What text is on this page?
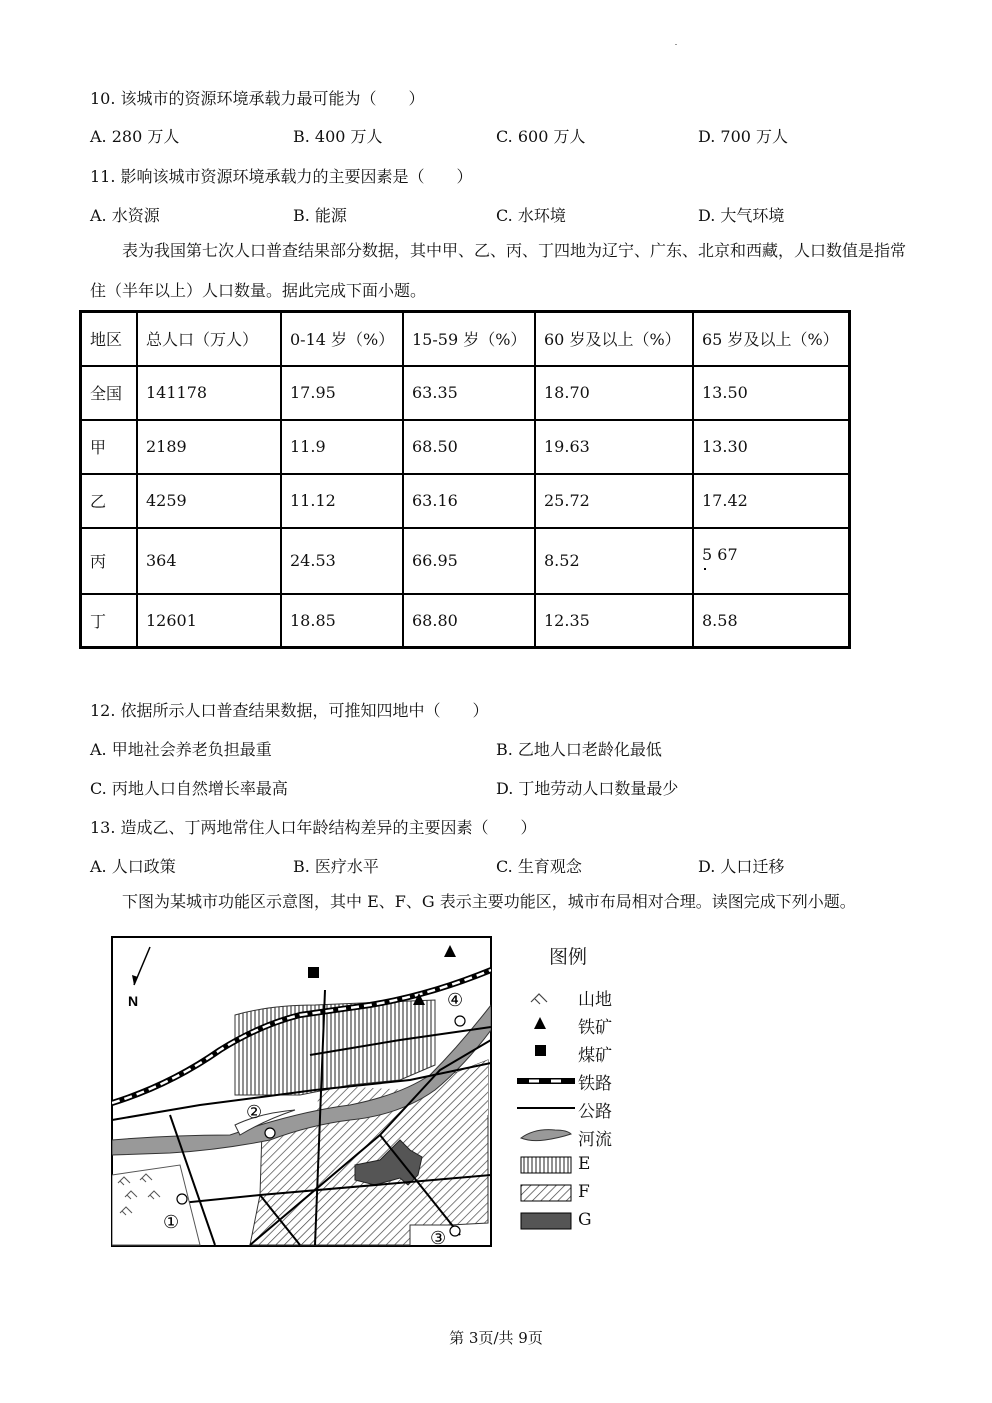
10. 该城市的资源环境承载力最可能为（　　）
A. 280 万人	B. 400 万人	C. 600 万人	D. 700 万人
11. 影响该城市资源环境承载力的主要因素是（　　）
A. 水资源	B. 能源	C. 水环境	D. 大气环境
表为我国第七次人口普查结果部分数据，其中甲、乙、丙、丁四地为辽宁、广东、北京和西藏，人口数值是指常住（半年以上）人口数量。据此完成下面小题。
地区	总人口（万人）	0-14 岁（%）	15-59 岁（%）	60 岁及以上（%）	65 岁及以上（%）
全国	141178	17.95	63.35	18.70	13.50
甲	2189	11.9	68.50	19.63	13.30
乙	4259	11.12	63.16	25.72	17.42
丙	364	24.53	66.95	8.52	5 67
丁	12601	18.85	68.80	12.35	8.58
12. 依据所示人口普查结果数据，可推知四地中（　　）
A. 甲地社会养老负担最重	B. 乙地人口老龄化最低
C. 丙地人口自然增长率最高	D. 丁地劳动人口数量最少
13. 造成乙、丁两地常住人口年龄结构差异的主要因素（　　）
A. 人口政策	B. 医疗水平	C. 生育观念	D. 人口迁移
下图为某城市功能区示意图，其中 E、F、G 表示主要功能区，城市布局相对合理。读图完成下列小题。
N	④
②
①
③
图例
山地
铁矿
煤矿
铁路
公路
河流
E
F
G
第 3页/共 9页
